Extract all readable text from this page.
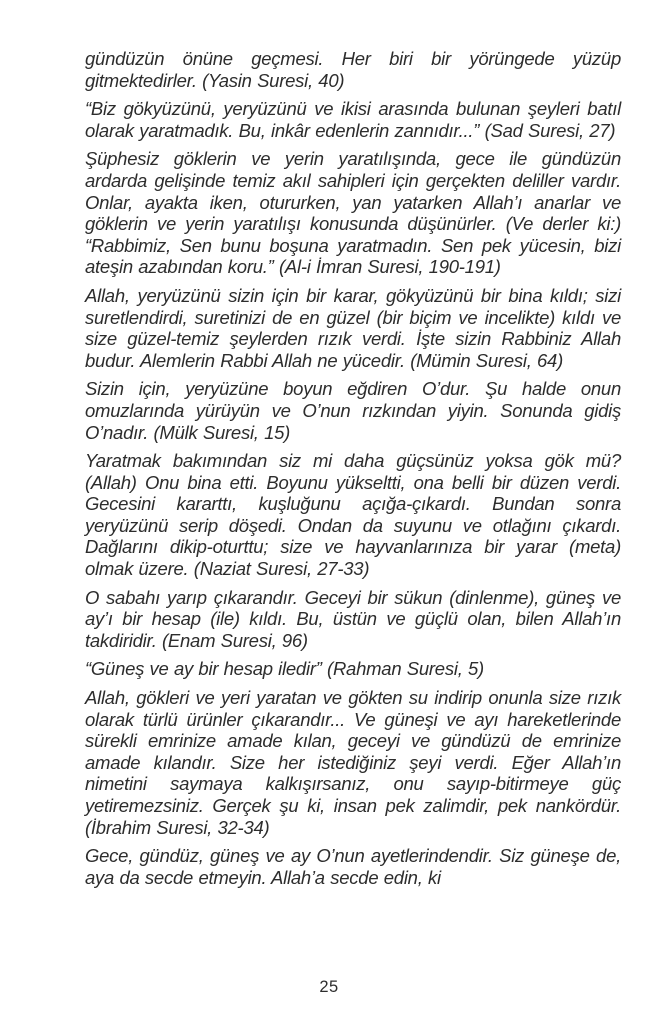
gündüzün önüne geçmesi. Her biri bir yörüngede yüzüp gitmektedirler. (Yasin Suresi, 40)

“Biz gökyüzünü, yeryüzünü ve ikisi arasında bulunan şeyleri batıl olarak yaratmadık. Bu, inkâr edenlerin zannıdır...” (Sad Suresi, 27)

Şüphesiz göklerin ve yerin yaratılışında, gece ile gündüzün ardarda gelişinde temiz akıl sahipleri için gerçekten deliller vardır. Onlar, ayakta iken, otururken, yan yatarken Allah’ı anarlar ve göklerin ve yerin yaratılışı konusunda düşünürler. (Ve derler ki:) “Rabbimiz, Sen bunu boşuna yaratmadın. Sen pek yücesin, bizi ateşin azabından koru.” (Al-i İmran Suresi, 190-191)

Allah, yeryüzünü sizin için bir karar, gökyüzünü bir bina kıldı; sizi suretlendirdi, suretinizi de en güzel (bir biçim ve incelikte) kıldı ve size güzel-temiz şeylerden rızık verdi. İşte sizin Rabbiniz Allah budur. Alemlerin Rabbi Allah ne yücedir. (Mümin Suresi, 64)

Sizin için, yeryüzüne boyun eğdiren O’dur. Şu halde onun omuzlarında yürüyün ve O’nun rızkından yiyin. Sonunda gidiş O’nadır. (Mülk Suresi, 15)

Yaratmak bakımından siz mi daha güçsünüz yoksa gök mü? (Allah) Onu bina etti. Boyunu yükseltti, ona belli bir düzen verdi. Gecesini kararttı, kuşluğunu açığa-çıkardı. Bundan sonra yeryüzünü serip döşedi. Ondan da suyunu ve otlağını çıkardı. Dağlarını dikip-oturttu; size ve hayvanlarınıza bir yarar (meta) olmak üzere. (Naziat Suresi, 27-33)

O sabahı yarıp çıkarandır. Geceyi bir sükun (dinlenme), güneş ve ay’ı bir hesap (ile) kıldı. Bu, üstün ve güçlü olan, bilen Allah’ın takdiridir. (Enam Suresi, 96)

“Güneş ve ay bir hesap iledir” (Rahman Suresi, 5)

Allah, gökleri ve yeri yaratan ve gökten su indirip onunla size rızık olarak türlü ürünler çıkarandır... Ve güneşi ve ayı hareketlerinde sürekli emrinize amade kılan, geceyi ve gündüzü de emrinize amade kılandır. Size her istediğiniz şeyi verdi. Eğer Allah’ın nimetini saymaya kalkışırsanız, onu sayıp-bitirmeye güç yetiremezsiniz. Gerçek şu ki, insan pek zalimdir, pek nankördür. (İbrahim Suresi, 32-34)

Gece, gündüz, güneş ve ay O’nun ayetlerindendir. Siz güneşe de, aya da secde etmeyin. Allah’a secde edin, ki

25
